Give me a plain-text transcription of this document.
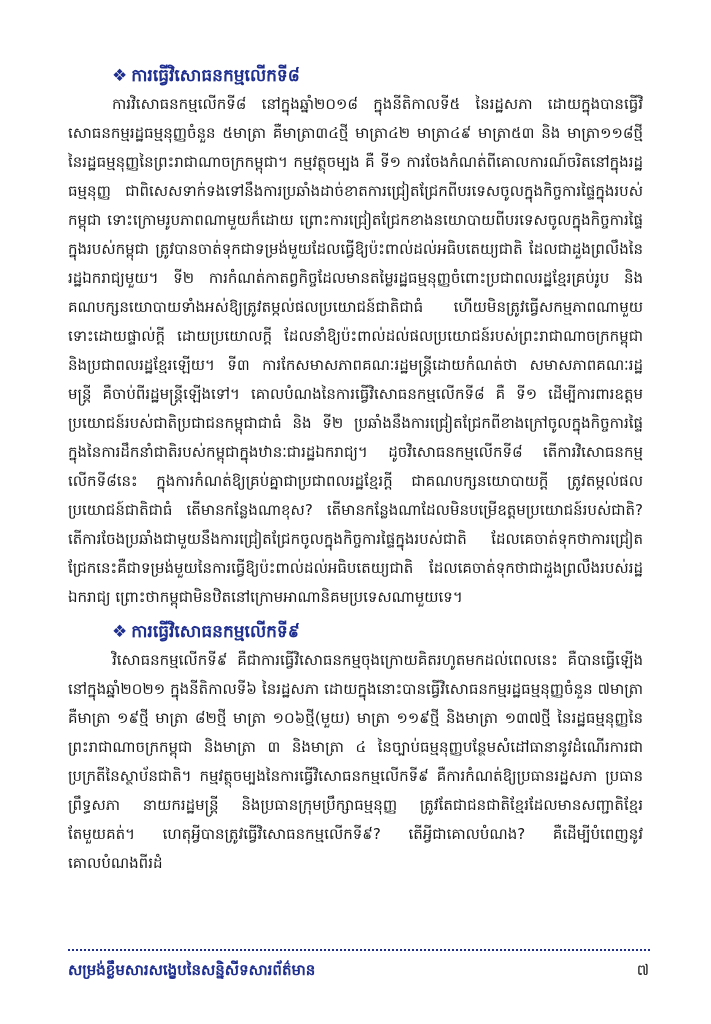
❖ ការធ្វើវិសោធនកម្មលើកទី៨

ការវិសោធនកម្មលើកទី៨ នៅក្នុងឆ្នាំ២០១៨ ក្នុងនីតិកាលទី៥ នៃរដ្ឋសភា ដោយក្នុងបានធ្វើវិសោធនកម្មរដ្ឋធម្មនុញ្ញចំនួន ៥មាត្រា គឺមាត្រា៣៤ថ្មី មាត្រា៤២ មាត្រា៤៩ មាត្រា៥៣ និង មាត្រា១១៨ថ្មីនៃរដ្ឋធម្មនុញ្ញនៃព្រះរាជាណាចក្រកម្ពុជា។ កម្មវត្ថុចម្បង គឺ ទី១ ការចែងកំណត់ពីគោលការណ៍ចរិតនៅក្នុងរដ្ឋធម្មនុញ្ញ ជាពិសេសទាក់ទងទៅនឹងការប្រឆាំងដាច់ខាតការជ្រៀតជ្រែកពីបរទេសចូលក្នុងកិច្ចការផ្ទៃក្នុងរបស់កម្ពុជា ទោះក្រោមរូបភាពណាមួយក៏ដោយ ព្រោះការជ្រៀតជ្រែកខាងនយោបាយពីបរទេសចូលក្នុងកិច្ចការផ្ទៃក្នុងរបស់កម្ពុជា ត្រូវបានចាត់ទុកជាទម្រង់មួយដែលធ្វើឱ្យប៉ះពាល់ដល់អធិបតេយ្យជាតិ ដែលជាដួងព្រលឹងនៃរដ្ឋឯករាជ្យមួយ។ ទី២ ការកំណត់កាតព្វកិច្ចដែលមានតម្លៃរដ្ឋធម្មនុញ្ញចំពោះប្រជាពលរដ្ឋខ្មែរគ្រប់រូប និងគណបក្សនយោបាយទាំងអស់ឱ្យត្រូវតម្កល់ផលប្រយោជន៍ជាតិជាធំ ហើយមិនត្រូវធ្វើសកម្មភាពណាមួយ ទោះដោយផ្ទាល់ក្តី ដោយប្រយោលក្តី ដែលនាំឱ្យប៉ះពាល់ដល់ផលប្រយោជន៍របស់ព្រះរាជាណាចក្រកម្ពុជា និងប្រជាពលរដ្ឋខ្មែរឡើយ។ ទី៣ ការកែសមាសភាពគណៈរដ្ឋមន្ត្រីដោយកំណត់ថា សមាសភាពគណៈរដ្ឋមន្ត្រី គឺចាប់ពីរដ្ឋមន្ត្រីឡើងទៅ។ គោលបំណងនៃការធ្វើវិសោធនកម្មលើកទី៨ គឺ ទី១ ដើម្បីការពារឧត្តមប្រយោជន៍របស់ជាតិប្រជាជនកម្ពុជាជាធំ និង ទី២ ប្រឆាំងនឹងការជ្រៀតជ្រែកពីខាងក្រៅចូលក្នុងកិច្ចការផ្ទៃក្នុងនៃការដឹកនាំជាតិរបស់កម្ពុជាក្នុងឋានៈជារដ្ឋឯករាជ្យ។ ដូចវិសោធនកម្មលើកទី៨ តើការវិសោធនកម្មលើកទី៨នេះ ក្នុងការកំណត់ឱ្យគ្រប់គ្នាជាប្រជាពលរដ្ឋខ្មែរក្តី ជាគណបក្សនយោបាយក្តី ត្រូវតម្កល់ផលប្រយោជន៍ជាតិជាធំ តើមានកន្លែងណាខុស? តើមានកន្លែងណាដែលមិនបម្រើឧត្តមប្រយោជន៍របស់ជាតិ? តើការចែងប្រឆាំងជាមួយនឹងការជ្រៀតជ្រែកចូលក្នុងកិច្ចការផ្ទៃក្នុងរបស់ជាតិ ដែលគេចាត់ទុកថាការជ្រៀតជ្រែកនេះគឺជាទម្រង់មួយនៃការធ្វើឱ្យប៉ះពាល់ដល់អធិបតេយ្យជាតិ ដែលគេចាត់ទុកថាជាដួងព្រលឹងរបស់រដ្ឋឯករាជ្យ ព្រោះថាកម្ពុជាមិនឋិតនៅក្រោមអាណានិគមប្រទេសណាមួយទេ។

❖ ការធ្វើវិសោធនកម្មលើកទី៩

វិសោធនកម្មលើកទី៩ គឺជាការធ្វើវិសោធនកម្មចុងក្រោយគិតរហូតមកដល់ពេលនេះ គឺបានធ្វើឡើងនៅក្នុងឆ្នាំ២០២១ ក្នុងនីតិកាលទី៦ នៃរដ្ឋសភា ដោយក្នុងនោះបានធ្វើវិសោធនកម្មរដ្ឋធម្មនុញ្ញចំនួន ៧មាត្រា គឺមាត្រា ១៩ថ្មី មាត្រា ៨២ថ្មី មាត្រា ១០៦ថ្មី(មួយ) មាត្រា ១១៩ថ្មី និងមាត្រា ១៣៧ថ្មី នៃរដ្ឋធម្មនុញ្ញនៃព្រះរាជាណាចក្រកម្ពុជា និងមាត្រា ៣ និងមាត្រា ៤ នៃច្បាប់ធម្មនុញ្ញបន្ថែមសំដៅធានានូវដំណើរការជាប្រក្រតីនៃស្ថាប័នជាតិ។ កម្មវត្ថុចម្បងនៃការធ្វើវិសោធនកម្មលើកទី៩ គឺការកំណត់ឱ្យប្រធានរដ្ឋសភា ប្រធានព្រឹទ្ធសភា នាយករដ្ឋមន្ត្រី និងប្រធានក្រុមប្រឹក្សាធម្មនុញ្ញ ត្រូវតែជាជនជាតិខ្មែរដែលមានសញ្ជាតិខ្មែរតែមួយគត់។ ហេតុអ្វីបានត្រូវធ្វើវិសោធនកម្មលើកទី៩? តើអ្វីជាគោលបំណង? គឺដើម្បីបំពេញនូវគោលបំណងពីរដំ

សម្រង់ខ្លឹមសារសង្ខេបនៃសន្និសីទសារព័ត៌មាន	៧
